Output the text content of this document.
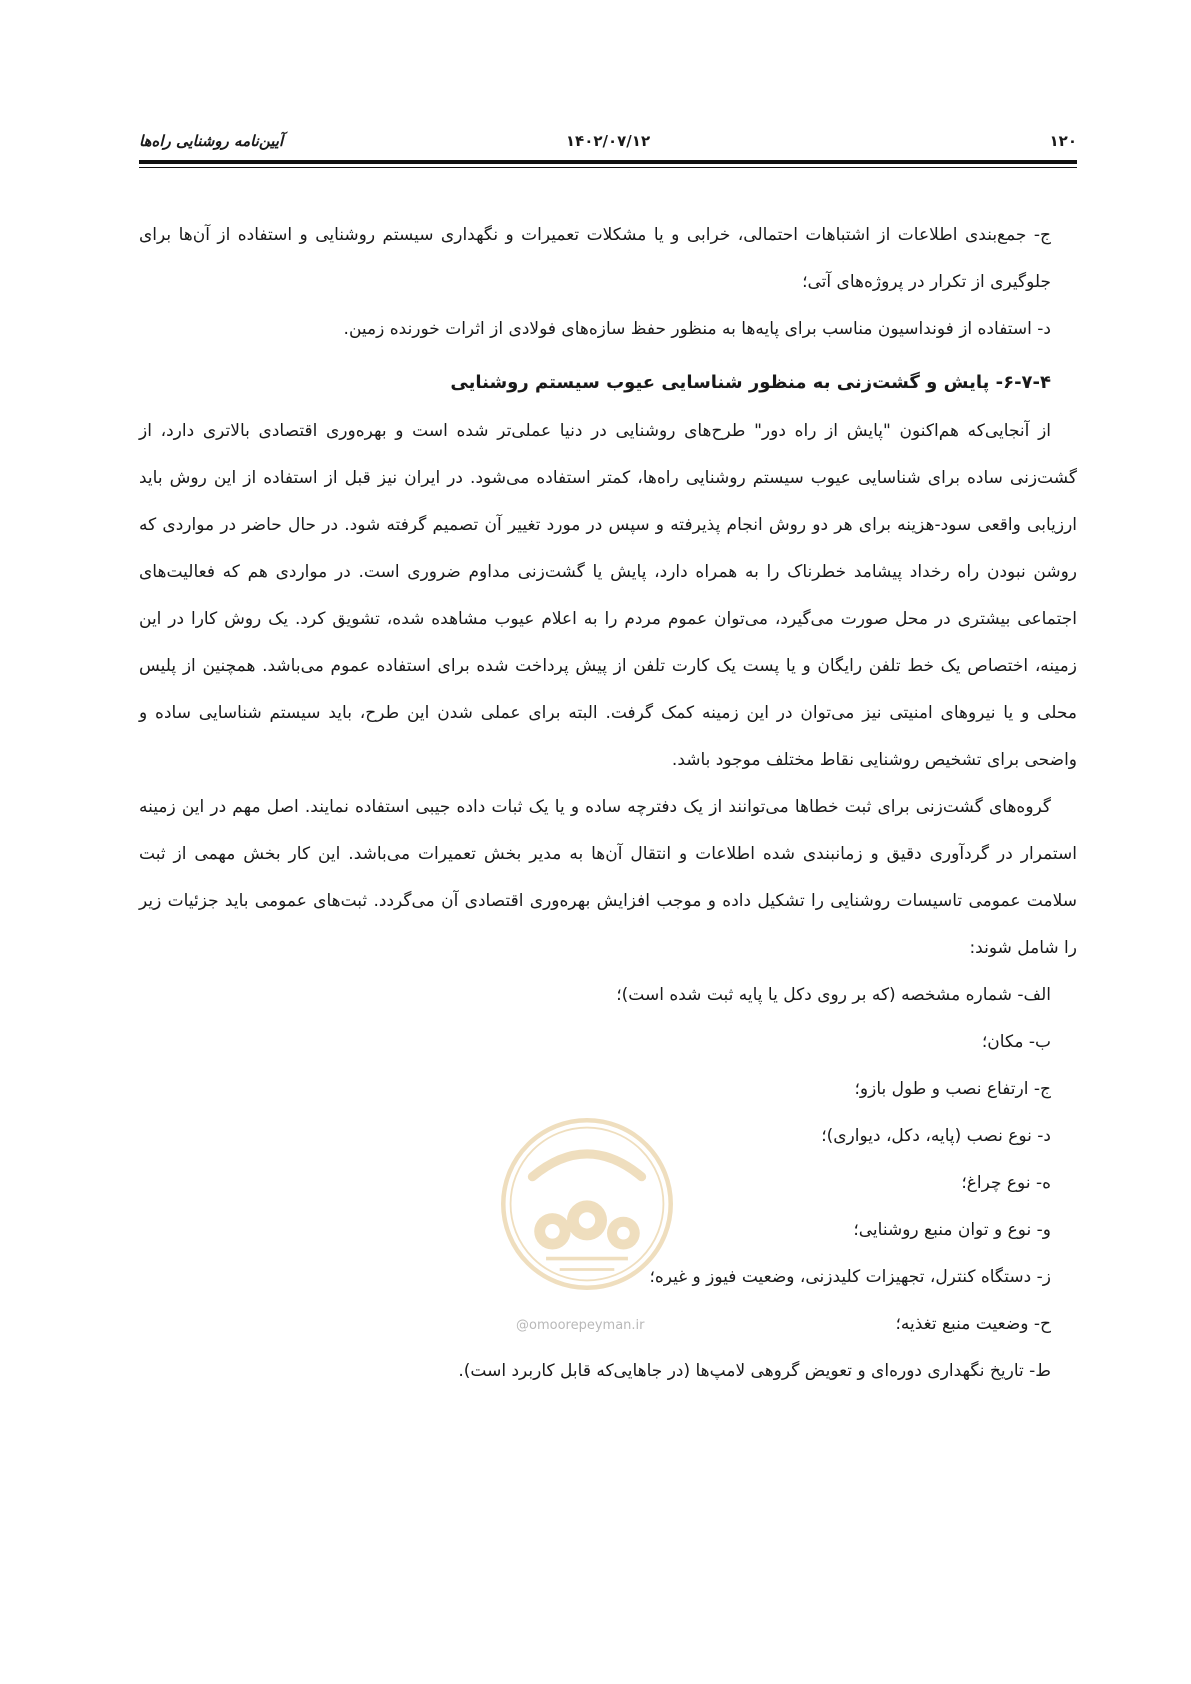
۱۲۰
۱۴۰۲/۰۷/۱۲
آیین‌نامه روشنایی راه‌ها

ج- جمع‌بندی اطلاعات از اشتباهات احتمالی، خرابی و یا مشکلات تعمیرات و نگهداری سیستم روشنایی و استفاده از آن‌ها برای جلوگیری از تکرار در پروژه‌های آتی؛

د- استفاده از فونداسیون مناسب برای پایه‌ها به منظور حفظ سازه‌های فولادی از اثرات خورنده زمین.

۶-۷-۴- پایش و گشت‌زنی به منظور شناسایی عیوب سیستم روشنایی

از آنجایی‌که هم‌اکنون "پایش از راه دور" طرح‌های روشنایی در دنیا عملی‌تر شده است و بهره‌وری اقتصادی بالاتری دارد، از گشت‌زنی ساده برای شناسایی عیوب سیستم روشنایی راه‌ها، کمتر استفاده می‌شود. در ایران نیز قبل از استفاده از این روش باید ارزیابی واقعی سود-هزینه برای هر دو روش انجام پذیرفته و سپس در مورد تغییر آن تصمیم گرفته شود. در حال حاضر در مواردی که روشن نبودن راه رخداد پیشامد خطرناک را به همراه دارد، پایش یا گشت‌زنی مداوم ضروری است. در مواردی هم که فعالیت‌های اجتماعی بیشتری در محل صورت می‌گیرد، می‌توان عموم مردم را به اعلام عیوب مشاهده شده، تشویق کرد. یک روش کارا در این زمینه، اختصاص یک خط تلفن رایگان و یا پست یک کارت تلفن از پیش پرداخت شده برای استفاده عموم می‌باشد. همچنین از پلیس محلی و یا نیروهای امنیتی نیز می‌توان در این زمینه کمک گرفت. البته برای عملی شدن این طرح، باید سیستم شناسایی ساده و واضحی برای تشخیص روشنایی نقاط مختلف موجود باشد.

گروه‌های گشت‌زنی برای ثبت خطاها می‌توانند از یک دفترچه ساده و یا یک ثبات داده جیبی استفاده نمایند. اصل مهم در این زمینه استمرار در گردآوری دقیق و زمانبندی شده اطلاعات و انتقال آن‌ها به مدیر بخش تعمیرات می‌باشد. این کار بخش مهمی از ثبت سلامت عمومی تاسیسات روشنایی را تشکیل داده و موجب افزایش بهره‌وری اقتصادی آن می‌گردد. ثبت‌های عمومی باید جزئیات زیر را شامل شوند:

الف- شماره مشخصه (که بر روی دکل یا پایه ثبت شده است)؛

ب- مکان؛

ج- ارتفاع نصب و طول بازو؛

د- نوع نصب (پایه، دکل، دیواری)؛

ه- نوع چراغ؛

و- نوع و توان منبع روشنایی؛

ز- دستگاه کنترل، تجهیزات کلیدزنی، وضعیت فیوز و غیره؛

ح- وضعیت منبع تغذیه؛

ط- تاریخ نگهداری دوره‌ای و تعویض گروهی لامپ‌ها (در جاهایی‌که قابل کاربرد است).

@omoorepeyman.ir
